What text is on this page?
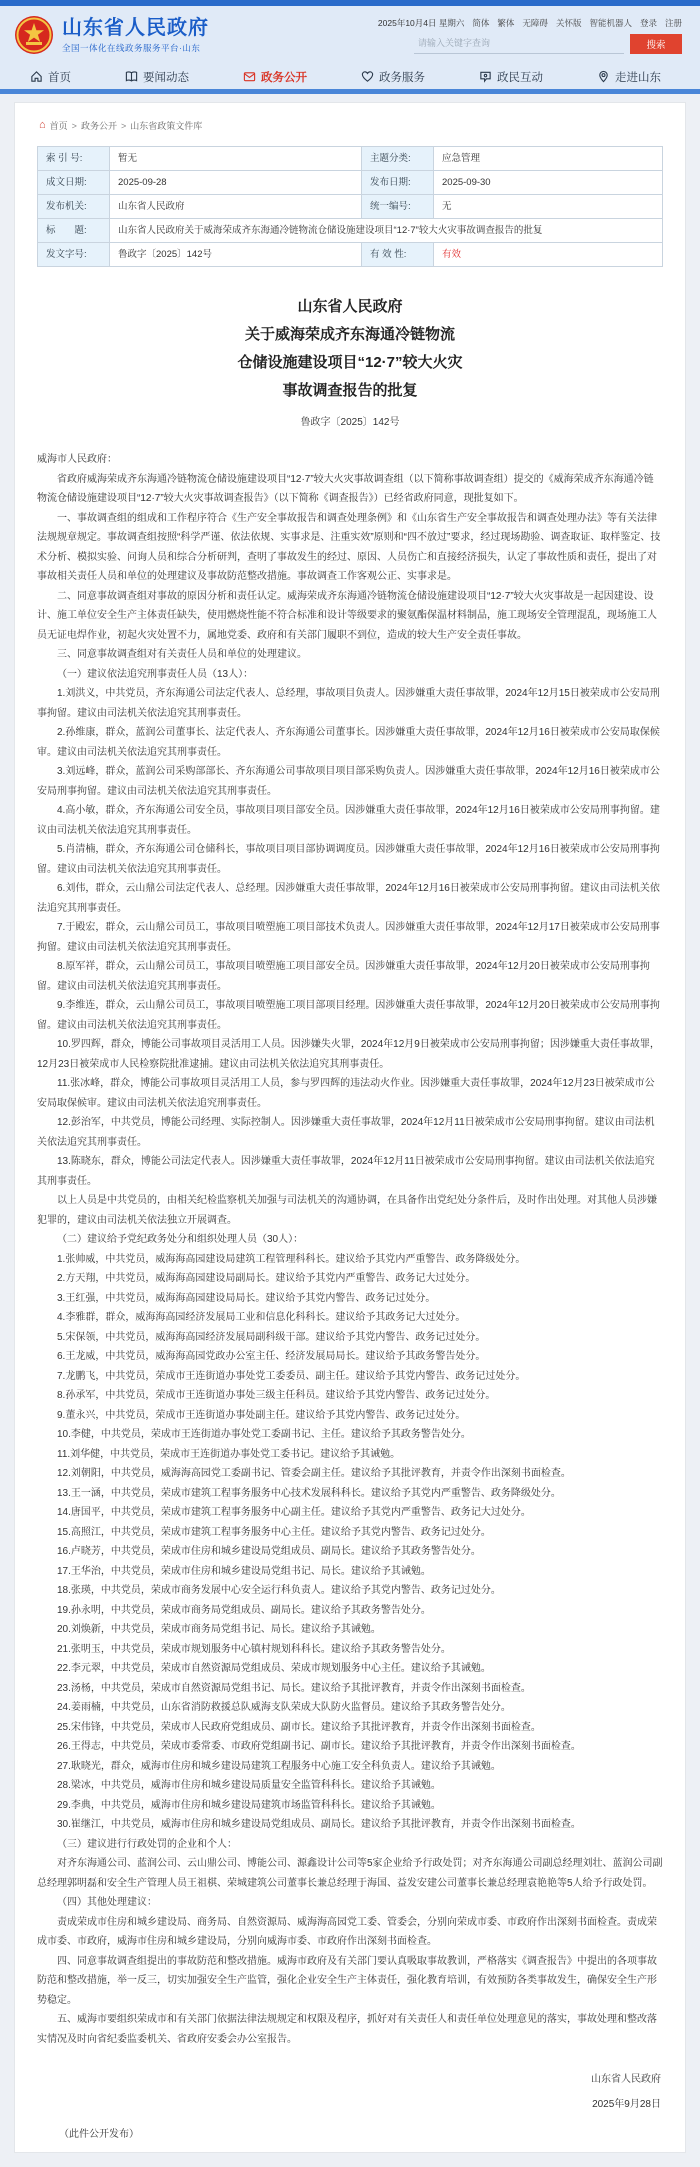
山东省人民政府
全国一体化在线政务服务平台·山东
2025年10月4日 星期六 简体 繁体 无障碍 关怀版 智能机器人 登录 注册
请输入关键字查询
搜索
首页	要闻动态	政务公开	政务服务	政民互动	走进山东
⌂ 首页 > 政务公开 > 山东省政策文件库
索 引 号:	暂无	主题分类:	应急管理
成文日期:	2025-09-28	发布日期:	2025-09-30
发布机关:	山东省人民政府	统一编号:	无
标　　题:	山东省人民政府关于威海荣成齐东海通冷链物流仓储设施建设项目“12·7”较大火灾事故调查报告的批复		
发文字号:	鲁政字〔2025〕142号	有 效 性:	有效
山东省人民政府
关于威海荣成齐东海通冷链物流
仓储设施建设项目“12·7”较大火灾
事故调查报告的批复
鲁政字〔2025〕142号

威海市人民政府：

省政府威海荣成齐东海通冷链物流仓储设施建设项目“12·7”较大火灾事故调查组（以下简称事故调查组）提交的《威海荣成齐东海通冷链物流仓储设施建设项目“12·7”较大火灾事故调查报告》（以下简称《调查报告》）已经省政府同意，现批复如下。

一、事故调查组的组成和工作程序符合《生产安全事故报告和调查处理条例》和《山东省生产安全事故报告和调查处理办法》等有关法律法规规章规定。事故调查组按照“科学严谨、依法依规、实事求是、注重实效”原则和“四不放过”要求，经过现场勘验、调查取证、取样鉴定、技术分析、模拟实验、问询人员和综合分析研判，查明了事故发生的经过、原因、人员伤亡和直接经济损失，认定了事故性质和责任，提出了对事故相关责任人员和单位的处理建议及事故防范整改措施。事故调查工作客观公正、实事求是。

二、同意事故调查组对事故的原因分析和责任认定。威海荣成齐东海通冷链物流仓储设施建设项目“12·7”较大火灾事故是一起因建设、设计、施工单位安全生产主体责任缺失，使用燃烧性能不符合标准和设计等级要求的聚氨酯保温材料制品，施工现场安全管理混乱，现场施工人员无证电焊作业，初起火灾处置不力，属地党委、政府和有关部门履职不到位，造成的较大生产安全责任事故。

三、同意事故调查组对有关责任人员和单位的处理建议。

（一）建议依法追究刑事责任人员（13人）：

1.刘洪义，中共党员，齐东海通公司法定代表人、总经理，事故项目负责人。因涉嫌重大责任事故罪，2024年12月15日被荣成市公安局刑事拘留。建议由司法机关依法追究其刑事责任。

2.孙维康，群众，蓝润公司董事长、法定代表人、齐东海通公司董事长。因涉嫌重大责任事故罪，2024年12月16日被荣成市公安局取保候审。建议由司法机关依法追究其刑事责任。

3.刘远峰，群众，蓝润公司采购部部长、齐东海通公司事故项目项目部采购负责人。因涉嫌重大责任事故罪，2024年12月16日被荣成市公安局刑事拘留。建议由司法机关依法追究其刑事责任。

4.高小敏，群众，齐东海通公司安全员，事故项目项目部安全员。因涉嫌重大责任事故罪，2024年12月16日被荣成市公安局刑事拘留。建议由司法机关依法追究其刑事责任。

5.肖清楠，群众，齐东海通公司仓储科长，事故项目项目部协调调度员。因涉嫌重大责任事故罪，2024年12月16日被荣成市公安局刑事拘留。建议由司法机关依法追究其刑事责任。

6.刘伟，群众，云山鼎公司法定代表人、总经理。因涉嫌重大责任事故罪，2024年12月16日被荣成市公安局刑事拘留。建议由司法机关依法追究其刑事责任。

7.于殿宏，群众，云山鼎公司员工，事故项目喷塑施工项目部技术负责人。因涉嫌重大责任事故罪，2024年12月17日被荣成市公安局刑事拘留。建议由司法机关依法追究其刑事责任。

8.原军祥，群众，云山鼎公司员工，事故项目喷塑施工项目部安全员。因涉嫌重大责任事故罪，2024年12月20日被荣成市公安局刑事拘留。建议由司法机关依法追究其刑事责任。

9.李维连，群众，云山鼎公司员工，事故项目喷塑施工项目部项目经理。因涉嫌重大责任事故罪，2024年12月20日被荣成市公安局刑事拘留。建议由司法机关依法追究其刑事责任。

10.罗四辉，群众，博能公司事故项目灵活用工人员。因涉嫌失火罪，2024年12月9日被荣成市公安局刑事拘留；因涉嫌重大责任事故罪，12月23日被荣成市人民检察院批准逮捕。建议由司法机关依法追究其刑事责任。

11.张冰峰，群众，博能公司事故项目灵活用工人员，参与罗四辉的违法动火作业。因涉嫌重大责任事故罪，2024年12月23日被荣成市公安局取保候审。建议由司法机关依法追究刑事责任。

12.彭治军，中共党员，博能公司经理、实际控制人。因涉嫌重大责任事故罪，2024年12月11日被荣成市公安局刑事拘留。建议由司法机关依法追究其刑事责任。

13.陈晓东，群众，博能公司法定代表人。因涉嫌重大责任事故罪，2024年12月11日被荣成市公安局刑事拘留。建议由司法机关依法追究其刑事责任。

以上人员是中共党员的，由相关纪检监察机关加强与司法机关的沟通协调，在具备作出党纪处分条件后，及时作出处理。对其他人员涉嫌犯罪的，建议由司法机关依法独立开展调查。

（二）建议给予党纪政务处分和组织处理人员（30人）：

1.张帅威，中共党员，威海海高园建设局建筑工程管理科科长。建议给予其党内严重警告、政务降级处分。

2.方天翔，中共党员，威海海高园建设局副局长。建议给予其党内严重警告、政务记大过处分。

3.王红强，中共党员，威海海高园建设局局长。建议给予其党内警告、政务记过处分。

4.李雅群，群众，威海海高园经济发展局工业和信息化科科长。建议给予其政务记大过处分。

5.宋保领，中共党员，威海海高园经济发展局副科级干部。建议给予其党内警告、政务记过处分。

6.王龙威，中共党员，威海海高园党政办公室主任、经济发展局局长。建议给予其政务警告处分。

7.龙鹏飞，中共党员，荣成市王连街道办事处党工委委员、副主任。建议给予其党内警告、政务记过处分。

8.孙承军，中共党员，荣成市王连街道办事处三级主任科员。建议给予其党内警告、政务记过处分。

9.董永兴，中共党员，荣成市王连街道办事处副主任。建议给予其党内警告、政务记过处分。

10.李健，中共党员，荣成市王连街道办事处党工委副书记、主任。建议给予其政务警告处分。

11.刘华健，中共党员，荣成市王连街道办事处党工委书记。建议给予其诫勉。

12.刘朝阳，中共党员，威海海高园党工委副书记、管委会副主任。建议给予其批评教育，并责令作出深刻书面检查。

13.王一涵，中共党员，荣成市建筑工程事务服务中心技术发展科科长。建议给予其党内严重警告、政务降级处分。

14.唐国平，中共党员，荣成市建筑工程事务服务中心副主任。建议给予其党内严重警告、政务记大过处分。

15.高照江，中共党员，荣成市建筑工程事务服务中心主任。建议给予其党内警告、政务记过处分。

16.卢晓芳，中共党员，荣成市住房和城乡建设局党组成员、副局长。建议给予其政务警告处分。

17.王华治，中共党员，荣成市住房和城乡建设局党组书记、局长。建议给予其诫勉。

18.张瑛，中共党员，荣成市商务发展中心安全运行科负责人。建议给予其党内警告、政务记过处分。

19.孙永明，中共党员，荣成市商务局党组成员、副局长。建议给予其政务警告处分。

20.刘焕新，中共党员，荣成市商务局党组书记、局长。建议给予其诫勉。

21.张明玉，中共党员，荣成市规划服务中心镇村规划科科长。建议给予其政务警告处分。

22.李元翠，中共党员，荣成市自然资源局党组成员、荣成市规划服务中心主任。建议给予其诫勉。

23.汤杨，中共党员，荣成市自然资源局党组书记、局长。建议给予其批评教育，并责令作出深刻书面检查。

24.姜雨楠，中共党员，山东省消防救援总队威海支队荣成大队防火监督员。建议给予其政务警告处分。

25.宋伟锋，中共党员，荣成市人民政府党组成员、副市长。建议给予其批评教育，并责令作出深刻书面检查。

26.王得志，中共党员，荣成市委常委、市政府党组副书记、副市长。建议给予其批评教育，并责令作出深刻书面检查。

27.耿晓光，群众，威海市住房和城乡建设局建筑工程服务中心施工安全科负责人。建议给予其诫勉。

28.梁冰，中共党员，威海市住房和城乡建设局质量安全监管科科长。建议给予其诫勉。

29.李典，中共党员，威海市住房和城乡建设局建筑市场监管科科长。建议给予其诫勉。

30.崔继江，中共党员，威海市住房和城乡建设局党组成员、副局长。建议给予其批评教育，并责令作出深刻书面检查。

（三）建议进行行政处罚的企业和个人：

对齐东海通公司、蓝润公司、云山鼎公司、博能公司、源鑫设计公司等5家企业给予行政处罚；对齐东海通公司副总经理刘壮、蓝润公司副总经理郭明磊和安全生产管理人员王祖棋、荣城建筑公司董事长兼总经理于海国、益发安建公司董事长兼总经理袁艳艳等5人给予行政处罚。

（四）其他处理建议：

责成荣成市住房和城乡建设局、商务局、自然资源局、威海海高园党工委、管委会，分别向荣成市委、市政府作出深刻书面检查。责成荣成市委、市政府，威海市住房和城乡建设局，分别向威海市委、市政府作出深刻书面检查。

四、同意事故调查组提出的事故防范和整改措施。威海市政府及有关部门要认真吸取事故教训，严格落实《调查报告》中提出的各项事故防范和整改措施，举一反三，切实加强安全生产监管，强化企业安全生产主体责任，强化教育培训，有效预防各类事故发生，确保安全生产形势稳定。

五、威海市要组织荣成市和有关部门依据法律法规规定和权限及程序，抓好对有关责任人和责任单位处理意见的落实，事故处理和整改落实情况及时向省纪委监委机关、省政府安委会办公室报告。

山东省人民政府
2025年9月28日
（此件公开发布）
